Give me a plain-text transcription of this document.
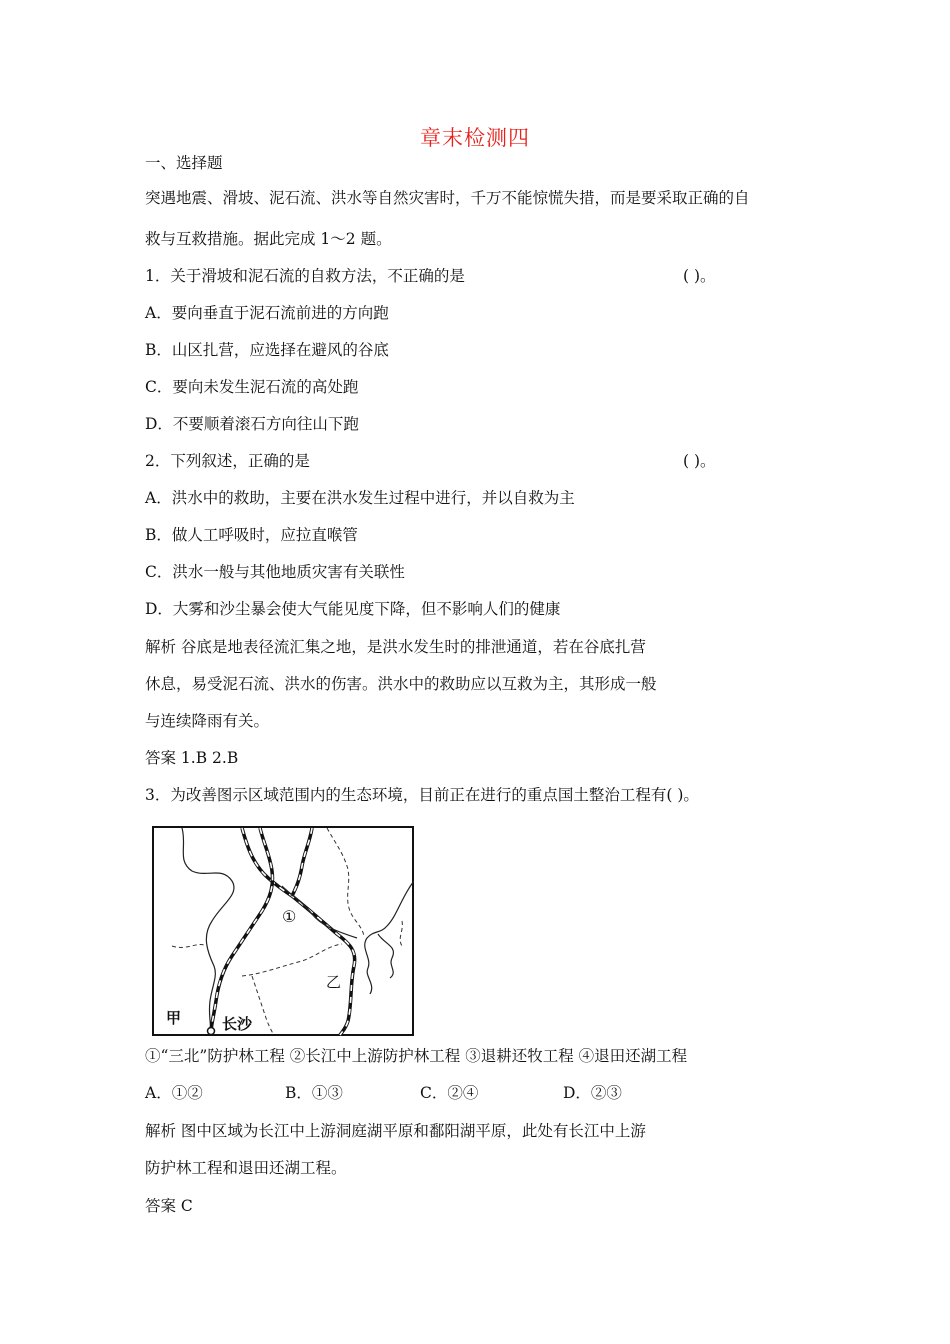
章末检测四
一、选择题
突遇地震、滑坡、泥石流、洪水等自然灾害时，千万不能惊慌失措，而是要采取正确的自
救与互救措施。据此完成 1～2 题。
1．关于滑坡和泥石流的自救方法，不正确的是	( )。
A．要向垂直于泥石流前进的方向跑
B．山区扎营，应选择在避风的谷底
C．要向未发生泥石流的高处跑
D．不要顺着滚石方向往山下跑
2．下列叙述，正确的是	( )。
A．洪水中的救助，主要在洪水发生过程中进行，并以自救为主
B．做人工呼吸时，应拉直喉管
C．洪水一般与其他地质灾害有关联性
D．大雾和沙尘暴会使大气能见度下降，但不影响人们的健康
解析 谷底是地表径流汇集之地，是洪水发生时的排泄通道，若在谷底扎营
休息，易受泥石流、洪水的伤害。洪水中的救助应以互救为主，其形成一般
与连续降雨有关。
答案 1.B 2.B
3．为改善图示区域范围内的生态环境，目前正在进行的重点国土整治工程有( )。
①
乙
甲	长沙
①“三北”防护林工程 ②长江中上游防护林工程 ③退耕还牧工程 ④退田还湖工程
A．①②	B．①③	C．②④	D．②③
解析 图中区域为长江中上游洞庭湖平原和鄱阳湖平原，此处有长江中上游
防护林工程和退田还湖工程。
答案 C
